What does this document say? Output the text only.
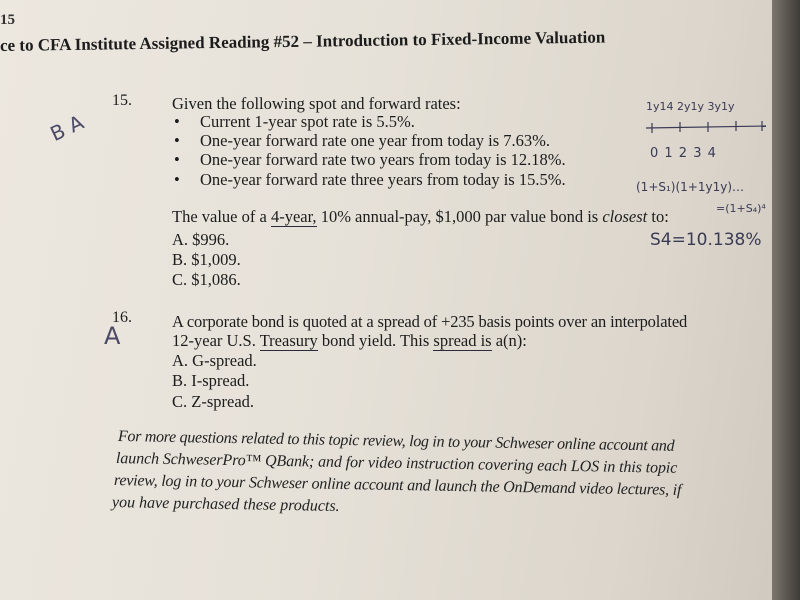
15
ce to CFA Institute Assigned Reading #52 – Introduction to Fixed-Income Valuation
15. Given the following spot and forward rates:
• Current 1-year spot rate is 5.5%.
• One-year forward rate one year from today is 7.63%.
• One-year forward rate two years from today is 12.18%.
• One-year forward rate three years from today is 15.5%.
The value of a 4-year, 10% annual-pay, $1,000 par value bond is closest to:
A. $996.
B. $1,009.
C. $1,086.
16. A corporate bond is quoted at a spread of +235 basis points over an interpolated
12-year U.S. Treasury bond yield. This spread is a(n):
A. G-spread.
B. I-spread.
C. Z-spread.
For more questions related to this topic review, log in to your Schweser online account and
launch SchweserPro™ QBank; and for video instruction covering each LOS in this topic
review, log in to your Schweser online account and launch the OnDemand video lectures, if
you have purchased these products.
B A
A
1y14 2y1y 3y1y
0 1 2 3 4
(1+S₁)(1+1y1y)…
=(1+S₄)⁴
S4=10.138%
